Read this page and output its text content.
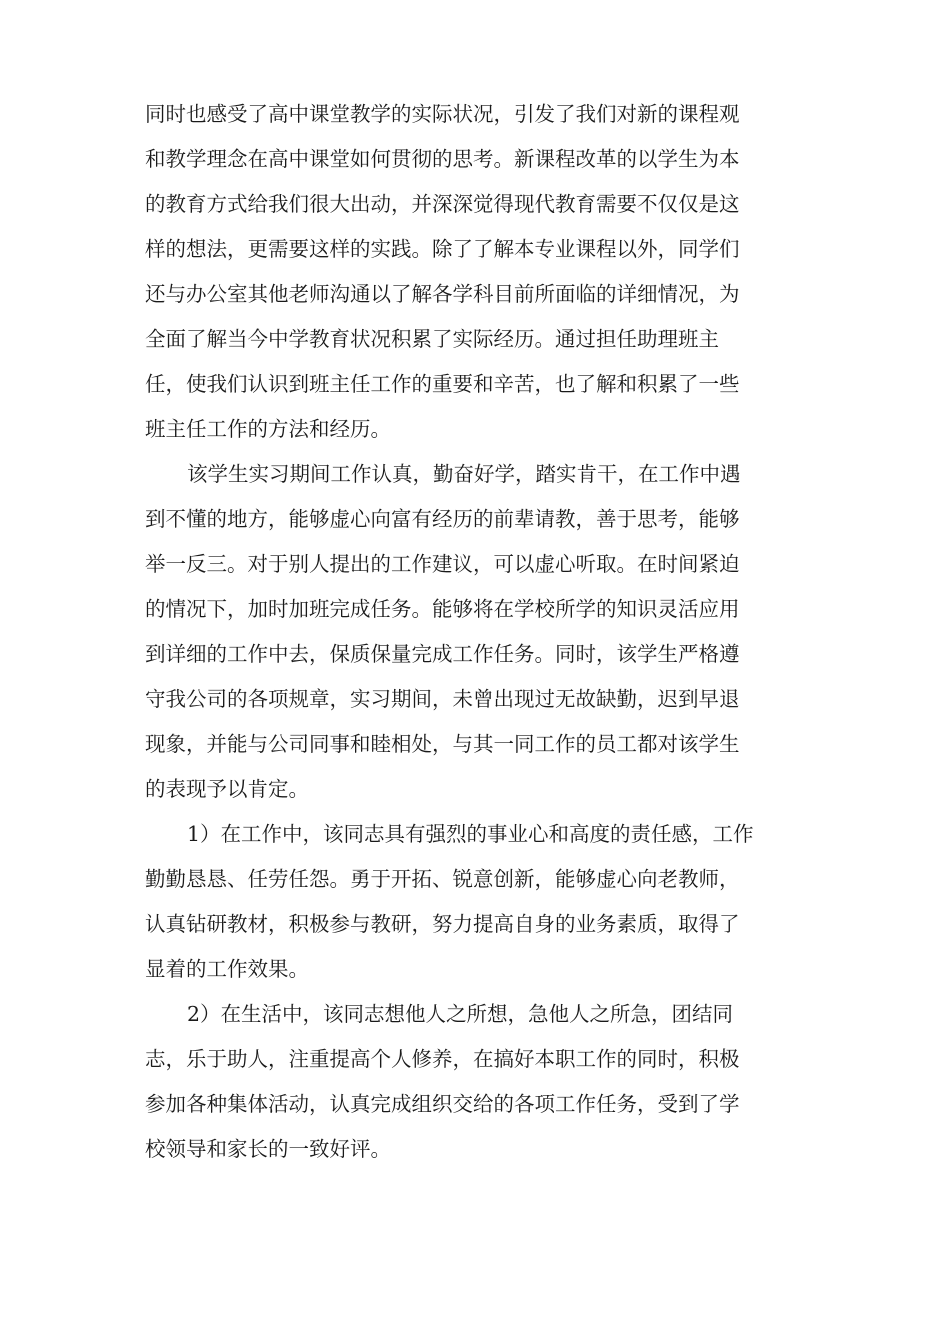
同时也感受了高中课堂教学的实际状况，引发了我们对新的课程观
和教学理念在高中课堂如何贯彻的思考。新课程改革的以学生为本
的教育方式给我们很大出动，并深深觉得现代教育需要不仅仅是这
样的想法，更需要这样的实践。除了了解本专业课程以外，同学们
还与办公室其他老师沟通以了解各学科目前所面临的详细情况，为
全面了解当今中学教育状况积累了实际经历。通过担任助理班主
任，使我们认识到班主任工作的重要和辛苦，也了解和积累了一些
班主任工作的方法和经历。
该学生实习期间工作认真，勤奋好学，踏实肯干，在工作中遇
到不懂的地方，能够虚心向富有经历的前辈请教，善于思考，能够
举一反三。对于别人提出的工作建议，可以虚心听取。在时间紧迫
的情况下，加时加班完成任务。能够将在学校所学的知识灵活应用
到详细的工作中去，保质保量完成工作任务。同时，该学生严格遵
守我公司的各项规章，实习期间，未曾出现过无故缺勤，迟到早退
现象，并能与公司同事和睦相处，与其一同工作的员工都对该学生
的表现予以肯定。
1）在工作中，该同志具有强烈的事业心和高度的责任感，工作
勤勤恳恳、任劳任怨。勇于开拓、锐意创新，能够虚心向老教师，
认真钻研教材，积极参与教研，努力提高自身的业务素质，取得了
显着的工作效果。
2）在生活中，该同志想他人之所想，急他人之所急，团结同
志，乐于助人，注重提高个人修养，在搞好本职工作的同时，积极
参加各种集体活动，认真完成组织交给的各项工作任务，受到了学
校领导和家长的一致好评。
